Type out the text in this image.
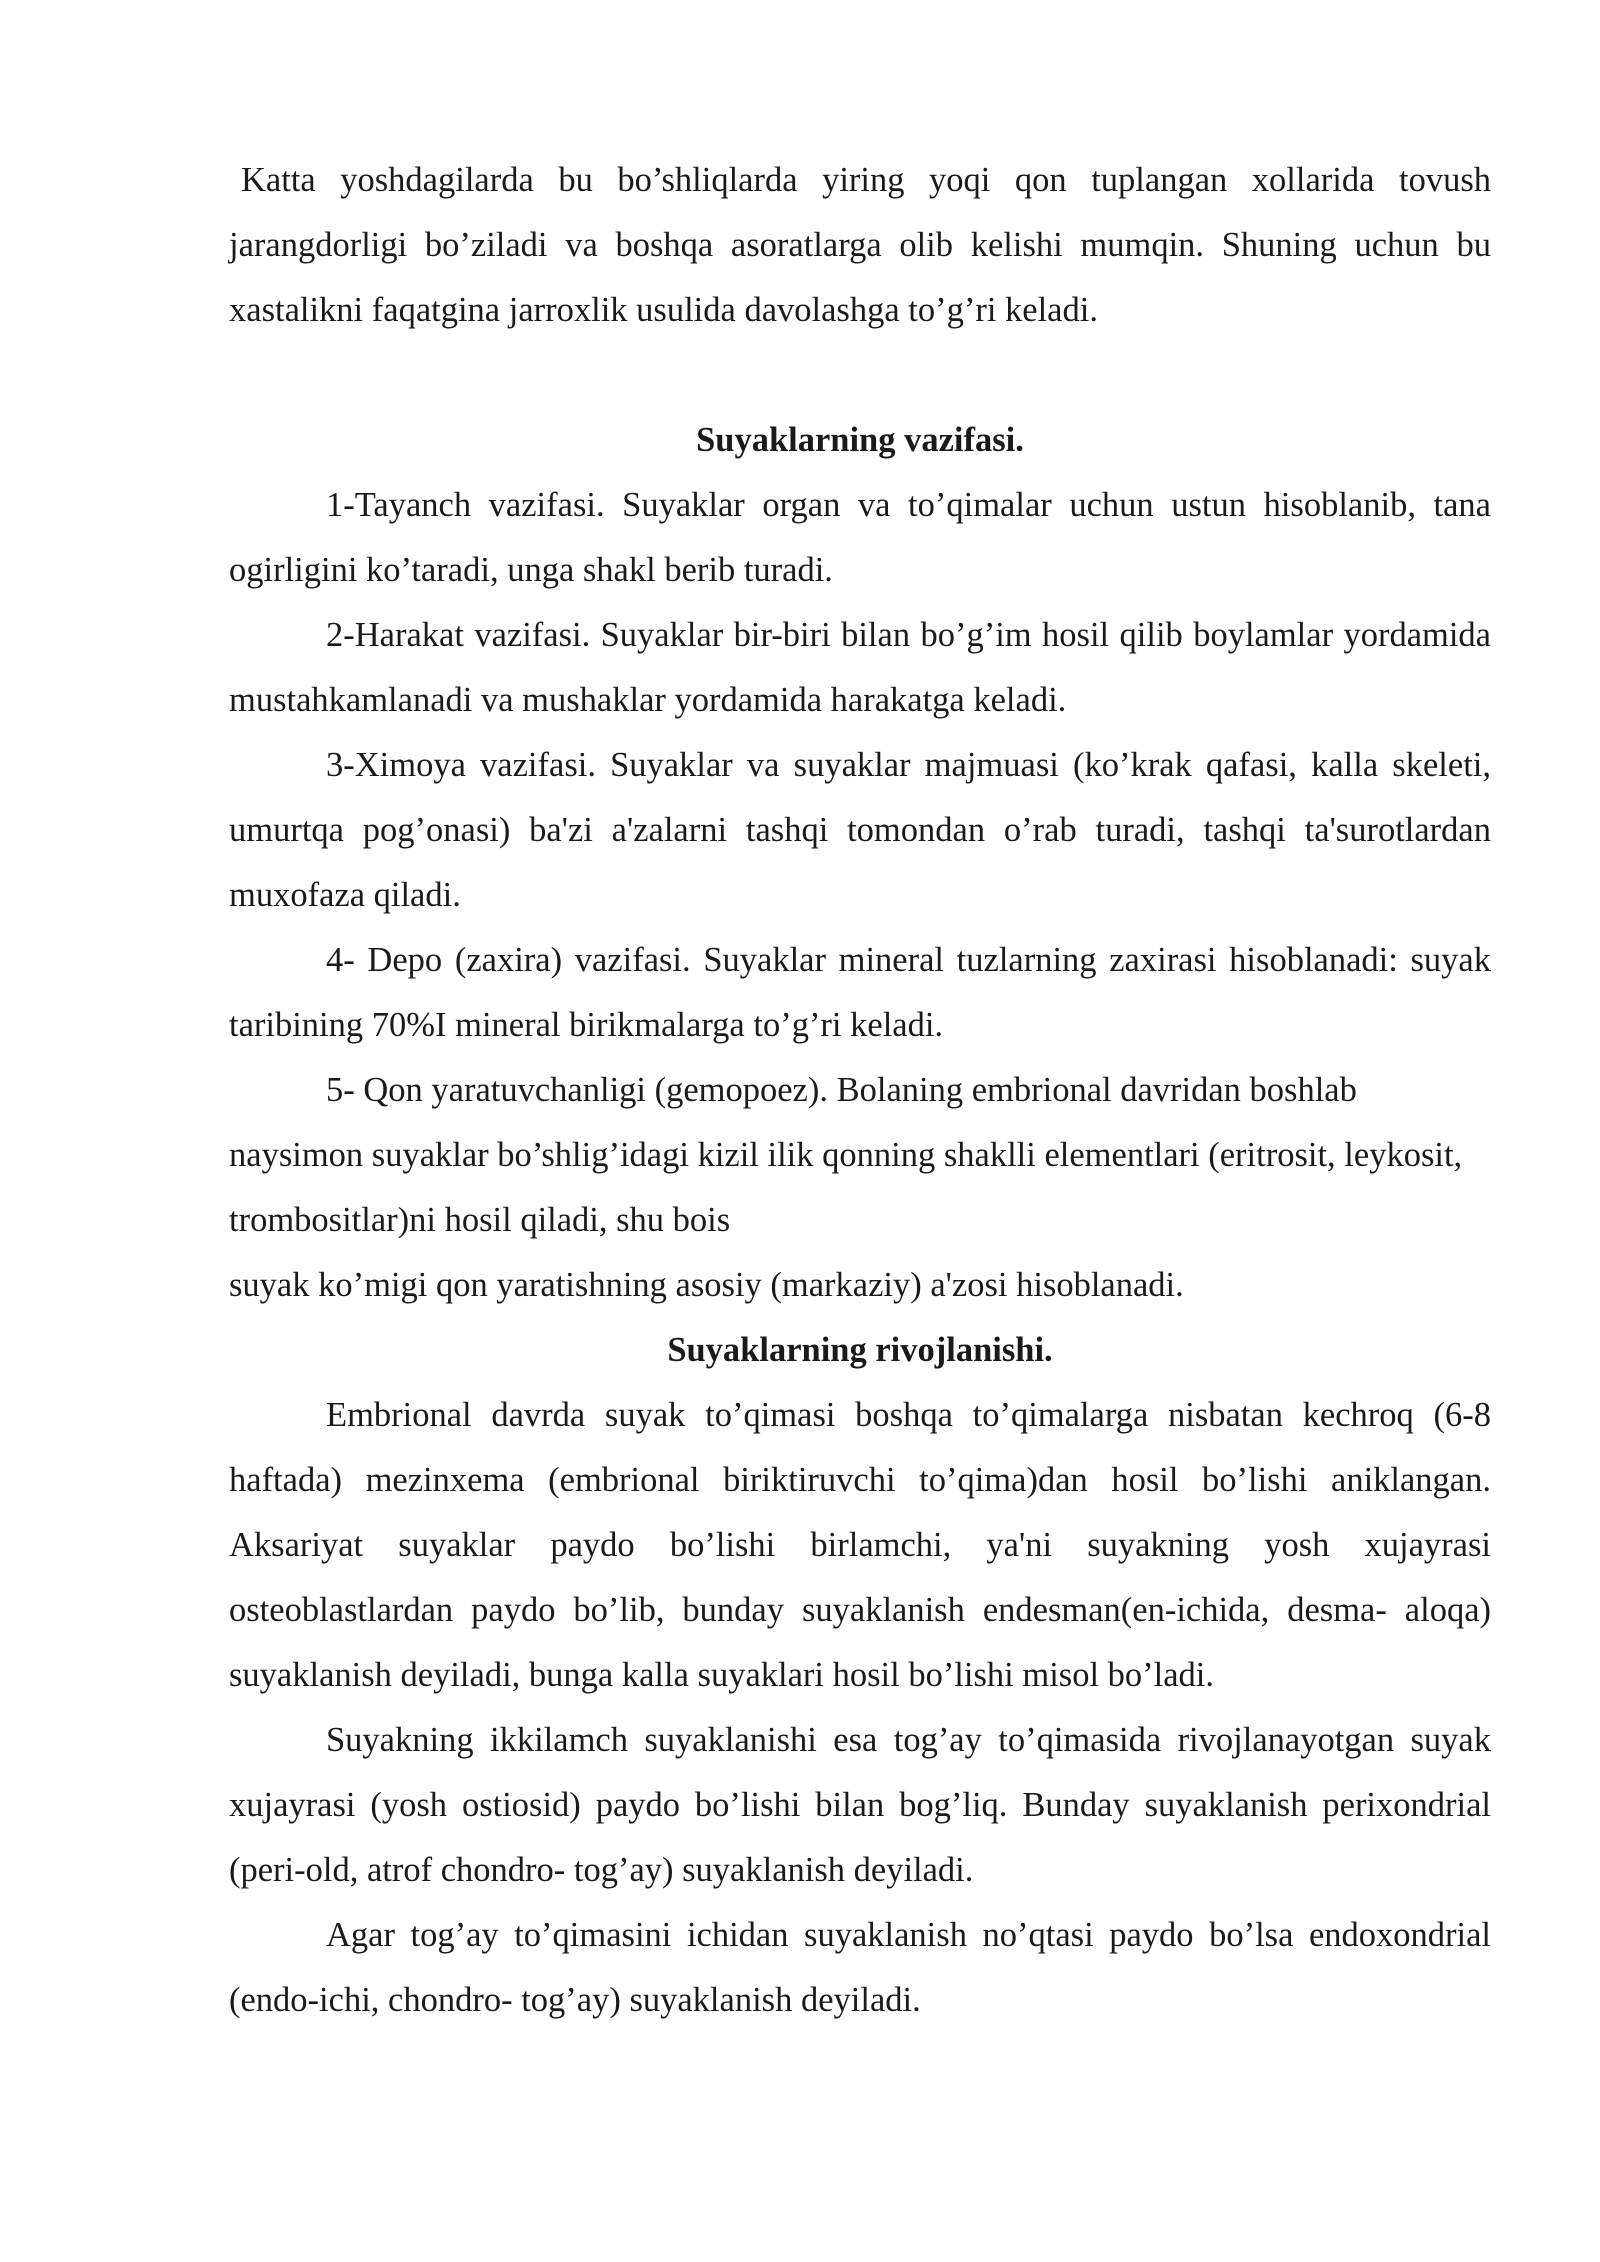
Katta yoshdagilarda bu bo’shliqlarda yiring yoqi qon tuplangan xollarida tovush jarangdorligi bo’ziladi va boshqa asoratlarga olib kelishi mumqin. Shuning uchun bu xastalikni faqatgina jarroxlik usulida davolashga to’g’ri keladi.

Suyaklarning vazifasi.

1-Tayanch vazifasi. Suyaklar organ va to’qimalar uchun ustun hisoblanib, tana ogirligini ko’taradi, unga shakl berib turadi.

2-Harakat vazifasi. Suyaklar bir-biri bilan bo’g’im hosil qilib boylamlar yordamida mustahkamlanadi va mushaklar yordamida harakatga keladi.

3-Ximoya vazifasi. Suyaklar va suyaklar majmuasi (ko’krak qafasi, kalla skeleti, umurtqa pog’onasi) ba'zi a'zalarni tashqi tomondan o’rab turadi, tashqi ta'surotlardan muxofaza qiladi.

4- Depo (zaxira) vazifasi. Suyaklar mineral tuzlarning zaxirasi hisoblanadi: suyak taribining 70%I mineral birikmalarga to’g’ri keladi.

5- Qon yaratuvchanligi (gemopoez). Bolaning embrional davridan boshlab naysimon suyaklar bo’shlig’idagi kizil ilik qonning shaklli elementlari (eritrosit, leykosit, trombositlar)ni hosil qiladi, shu bois

suyak ko’migi qon yaratishning asosiy (markaziy) a'zosi hisoblanadi.

Suyaklarning rivojlanishi.

Embrional davrda suyak to’qimasi boshqa to’qimalarga nisbatan kechroq (6-8 haftada) mezinxema (embrional biriktiruvchi to’qima)dan hosil bo’lishi aniklangan. Aksariyat suyaklar paydo bo’lishi birlamchi, ya'ni suyakning yosh xujayrasi osteoblastlardan paydo bo’lib, bunday suyaklanish endesman(en-ichida, desma- aloqa) suyaklanish deyiladi, bunga kalla suyaklari hosil bo’lishi misol bo’ladi.

Suyakning ikkilamch suyaklanishi esa tog’ay to’qimasida rivojlanayotgan suyak xujayrasi (yosh ostiosid) paydo bo’lishi bilan bog’liq. Bunday suyaklanish perixondrial (peri-old, atrof chondro- tog’ay) suyaklanish deyiladi.

Agar tog’ay to’qimasini ichidan suyaklanish no’qtasi paydo bo’lsa endoxondrial (endo-ichi, chondro- tog’ay) suyaklanish deyiladi.
